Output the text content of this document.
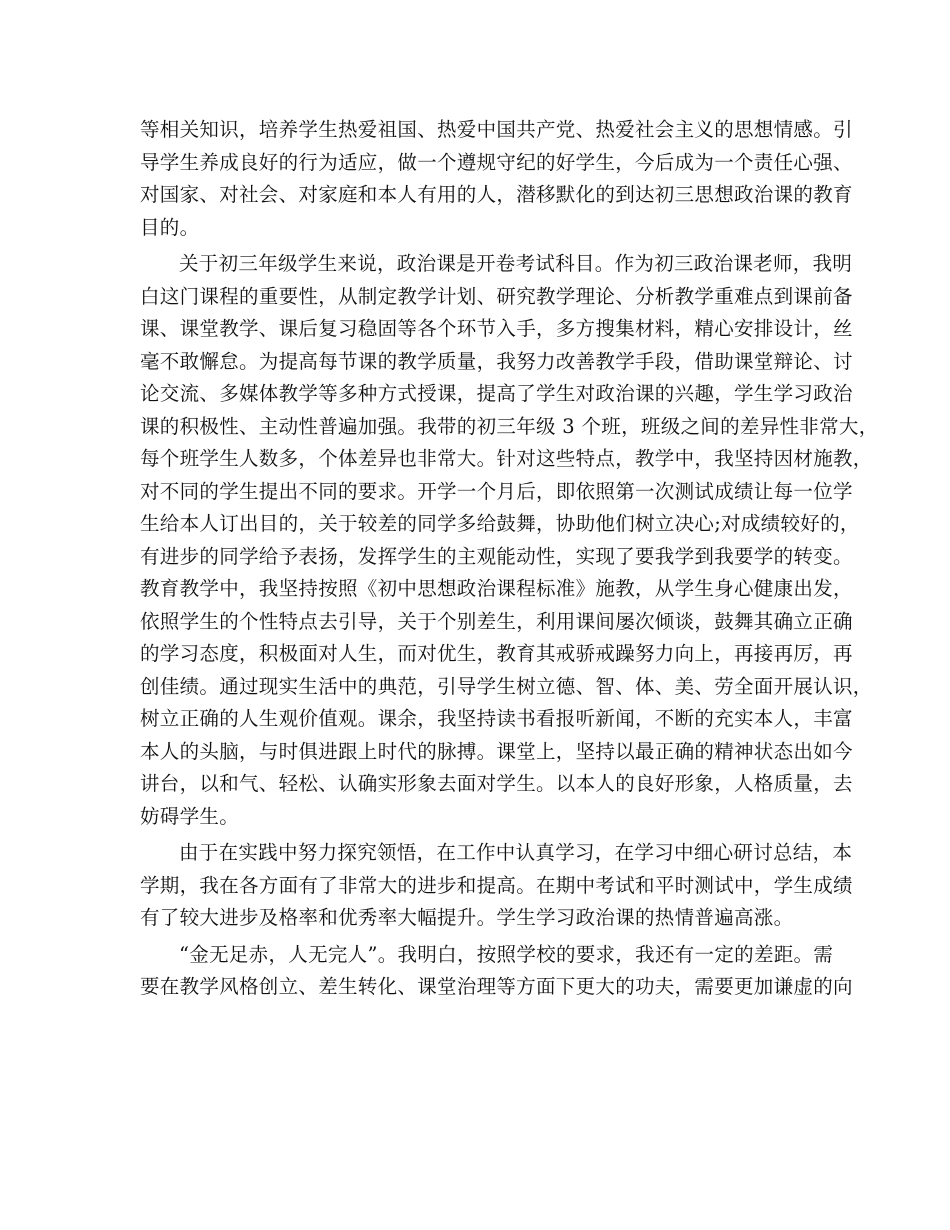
等相关知识，培养学生热爱祖国、热爱中国共产党、热爱社会主义的思想情感。引
导学生养成良好的行为适应，做一个遵规守纪的好学生，今后成为一个责任心强、
对国家、对社会、对家庭和本人有用的人，潜移默化的到达初三思想政治课的教育
目的。
关于初三年级学生来说，政治课是开卷考试科目。作为初三政治课老师，我明
白这门课程的重要性，从制定教学计划、研究教学理论、分析教学重难点到课前备
课、课堂教学、课后复习稳固等各个环节入手，多方搜集材料，精心安排设计，丝
毫不敢懈怠。为提高每节课的教学质量，我努力改善教学手段，借助课堂辩论、讨
论交流、多媒体教学等多种方式授课，提高了学生对政治课的兴趣，学生学习政治
课的积极性、主动性普遍加强。我带的初三年级 3 个班，班级之间的差异性非常大，
每个班学生人数多，个体差异也非常大。针对这些特点，教学中，我坚持因材施教，
对不同的学生提出不同的要求。开学一个月后，即依照第一次测试成绩让每一位学
生给本人订出目的，关于较差的同学多给鼓舞，协助他们树立决心;对成绩较好的，
有进步的同学给予表扬，发挥学生的主观能动性，实现了要我学到我要学的转变。
教育教学中，我坚持按照《初中思想政治课程标准》施教，从学生身心健康出发，
依照学生的个性特点去引导，关于个别差生，利用课间屡次倾谈，鼓舞其确立正确
的学习态度，积极面对人生，而对优生，教育其戒骄戒躁努力向上，再接再厉，再
创佳绩。通过现实生活中的典范，引导学生树立德、智、体、美、劳全面开展认识，
树立正确的人生观价值观。课余，我坚持读书看报听新闻，不断的充实本人，丰富
本人的头脑，与时俱进跟上时代的脉搏。课堂上，坚持以最正确的精神状态出如今
讲台，以和气、轻松、认确实形象去面对学生。以本人的良好形象，人格质量，去
妨碍学生。
由于在实践中努力探究领悟，在工作中认真学习，在学习中细心研讨总结，本
学期，我在各方面有了非常大的进步和提高。在期中考试和平时测试中，学生成绩
有了较大进步及格率和优秀率大幅提升。学生学习政治课的热情普遍高涨。
“金无足赤，人无完人”。我明白，按照学校的要求，我还有一定的差距。需
要在教学风格创立、差生转化、课堂治理等方面下更大的功夫，需要更加谦虚的向
